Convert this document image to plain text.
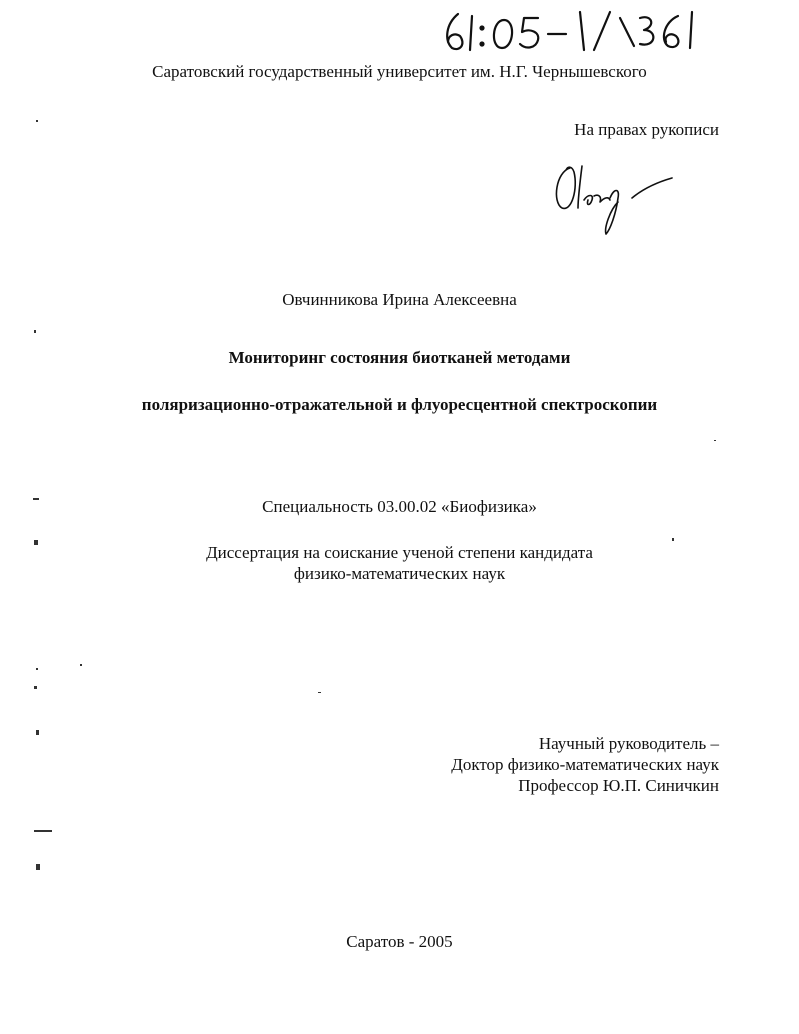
Саратовский государственный университет им. Н.Г. Чернышевского
На правах рукописи
Овчинникова Ирина Алексеевна
Мониторинг состояния биотканей методами
поляризационно-отражательной и флуоресцентной спектроскопии
Специальность 03.00.02 «Биофизика»
Диссертация на соискание ученой степени кандидата
физико-математических наук
Научный руководитель –
Доктор физико-математических наук
Профессор Ю.П. Синичкин
Саратов - 2005
